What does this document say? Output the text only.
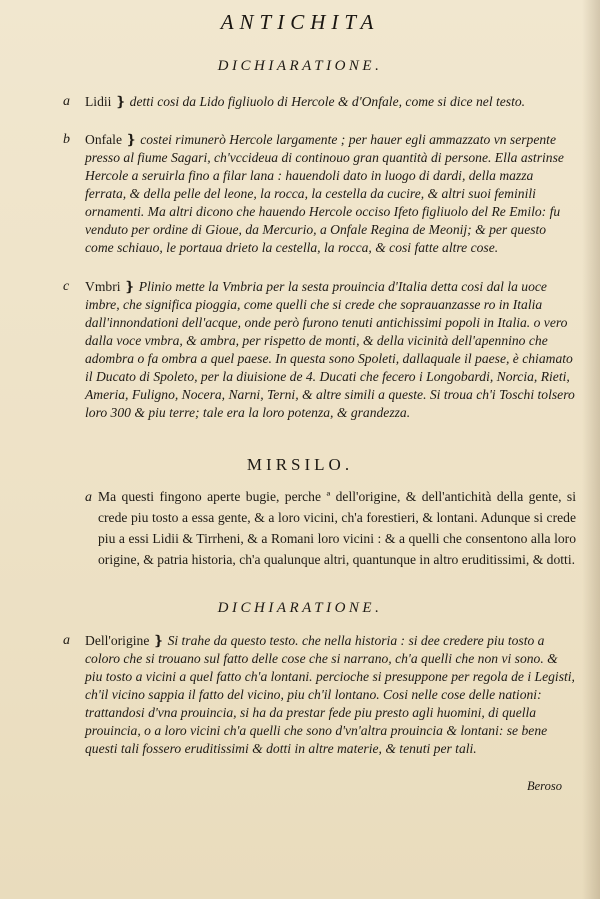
ANTICHITA
DICHIARATIONE.
a Lidii ❵ detti cosi da Lido figliuolo di Hercole & d'Onfale, come si dice nel testo.
b Onfale ❵ costei rimunerò Hercole largamente ; per hauer egli ammazzato vn serpente presso al fiume Sagari, ch'vccideua di continouo gran quantità di persone. Ella astrinse Hercole a seruirla fino a filar lana : hauendoli dato in luogo di dardi, della mazza ferrata, & della pelle del leone, la rocca, la cestella da cucire, & altri suoi feminili ornamenti. Ma altri dicono che hauendo Hercole occiso Ifeto figliuolo del Re Emilo: fu venduto per ordine di Gioue, da Mercurio, a Onfale Regina de Meonij; & per questo come schiauo, le portaua drieto la cestella, la rocca, & cosi fatte altre cose.
c Vmbri ❵ Plinio mette la Vmbria per la sesta prouincia d'Italia detta cosi dal la uoce imbre, che significa pioggia, come quelli che si crede che soprauanzasse ro in Italia dall'innondationi dell'acque, onde però furono tenuti antichissimi popoli in Italia. o vero dalla voce vmbra, & ambra, per rispetto de monti, & della vicinità dell'apennino che adombra o fa ombra a quel paese. In questa sono Spoleti, dallaquale il paese, è chiamato il Ducato di Spoleto, per la diuisione de 4. Ducati che fecero i Longobardi, Norcia, Rieti, Ameria, Fuligno, Nocera, Narni, Terni, & altre simili a queste. Si troua ch'i Toschi tolsero loro 300 & piu terre; tale era la loro potenza, & grandezza.
MIRSILO.
a Ma questi fingono aperte bugie, perche ª dell'origine, & dell'antichità della gente, si crede piu tosto a essa gente, & a loro vicini, ch'a forestieri, & lontani. Adunque si crede piu a essi Lidii & Tirrheni, & a Romani loro vicini : & a quelli che consentono alla loro origine, & patria historia, ch'a qualunque altri, quantunque in altro eruditissimi, & dotti.
DICHIARATIONE.
a Dell'origine ❵ Si trahe da questo testo. che nella historia : si dee credere piu tosto a coloro che si trouano sul fatto delle cose che si narrano, ch'a quelli che non vi sono. & piu tosto a vicini a quel fatto ch'a lontani. percioche si presuppone per regola de i Legisti, ch'il vicino sappia il fatto del vicino, piu ch'il lontano. Cosi nelle cose delle nationi: trattandosi d'vna prouincia, si ha da prestar fede piu presto agli huomini, di quella prouincia, o a loro vicini ch'a quelli che sono d'vn'altra prouincia & lontani: se bene questi tali fossero eruditissimi & dotti in altre materie, & tenuti per tali.
Beroso
